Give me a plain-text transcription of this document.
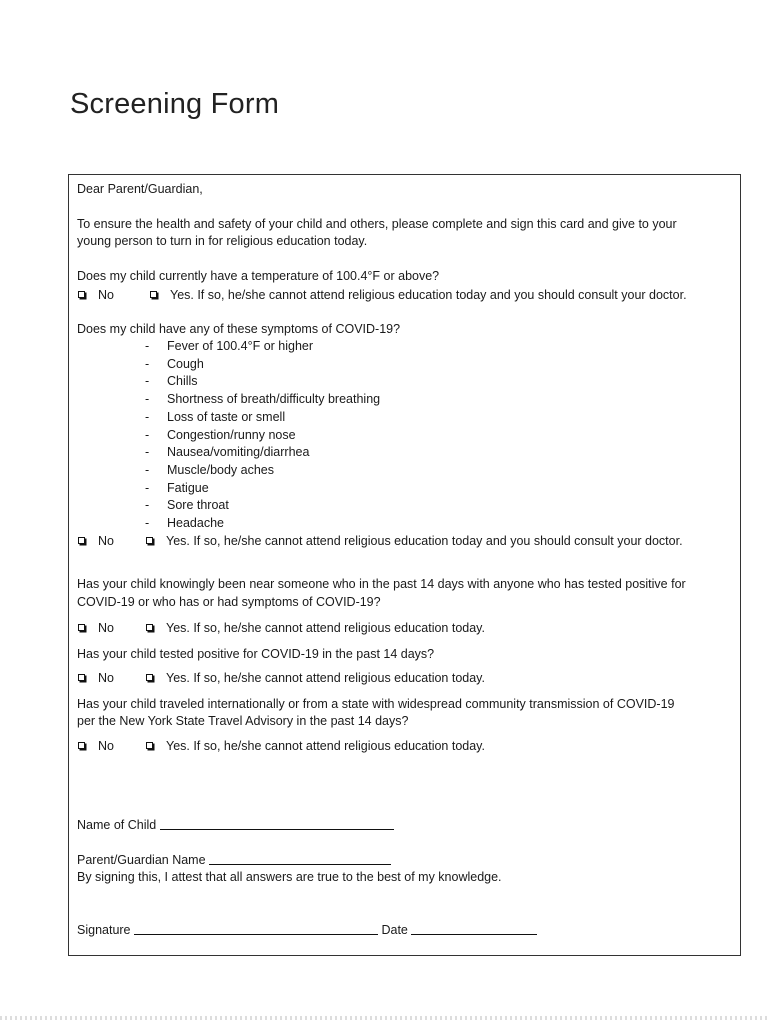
Screening Form
Dear Parent/Guardian,
To ensure the health and safety of your child and others, please complete and sign this card and give to your
young person to turn in for religious education today.
Does my child currently have a temperature of 100.4°F or above?
No	Yes. If so, he/she cannot attend religious education today and you should consult your doctor.
Does my child have any of these symptoms of COVID-19?
- Fever of 100.4°F or higher
- Cough
- Chills
- Shortness of breath/difficulty breathing
- Loss of taste or smell
- Congestion/runny nose
- Nausea/vomiting/diarrhea
- Muscle/body aches
- Fatigue
- Sore throat
- Headache
No	Yes. If so, he/she cannot attend religious education today and you should consult your doctor.
Has your child knowingly been near someone who in the past 14 days with anyone who has tested positive for
COVID-19 or who has or had symptoms of COVID-19?
No	Yes. If so, he/she cannot attend religious education today.
Has your child tested positive for COVID-19 in the past 14 days?
No	Yes. If so, he/she cannot attend religious education today.
Has your child traveled internationally or from a state with widespread community transmission of COVID-19
per the New York State Travel Advisory in the past 14 days?
No	Yes. If so, he/she cannot attend religious education today.
Name of Child
Parent/Guardian Name
By signing this, I attest that all answers are true to the best of my knowledge.
Signature	Date
